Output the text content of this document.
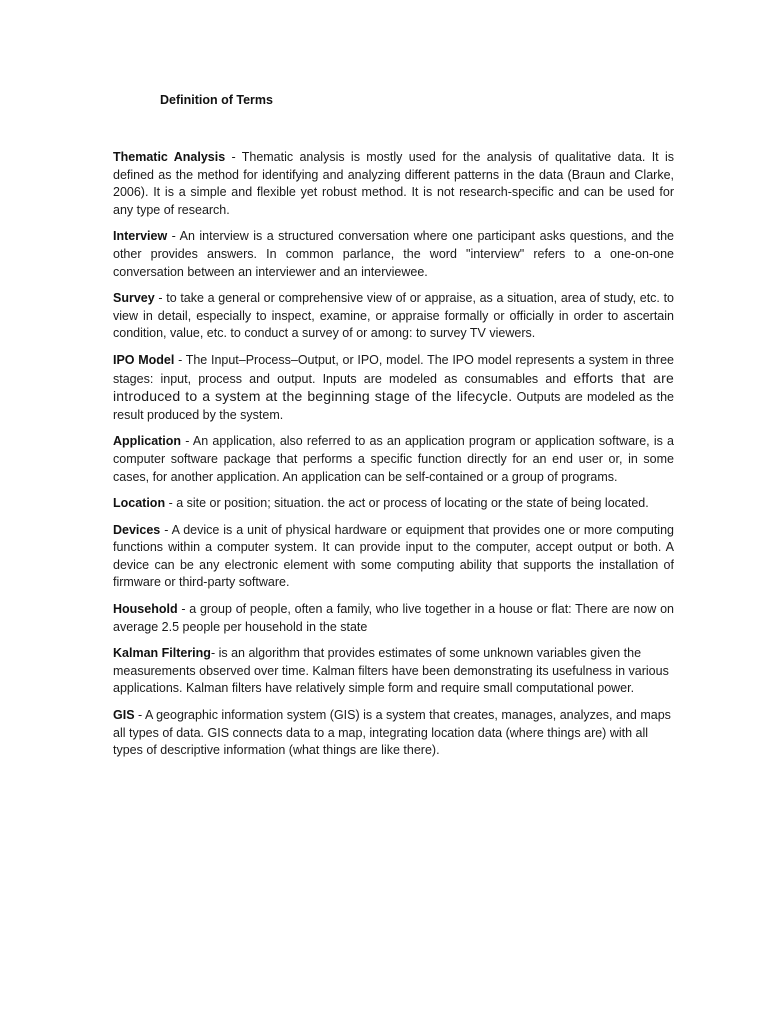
Definition of Terms

Thematic Analysis - Thematic analysis is mostly used for the analysis of qualitative data. It is defined as the method for identifying and analyzing different patterns in the data (Braun and Clarke, 2006). It is a simple and flexible yet robust method. It is not research-specific and can be used for any type of research.

Interview - An interview is a structured conversation where one participant asks questions, and the other provides answers. In common parlance, the word "interview" refers to a one-on-one conversation between an interviewer and an interviewee.

Survey - to take a general or comprehensive view of or appraise, as a situation, area of study, etc. to view in detail, especially to inspect, examine, or appraise formally or officially in order to ascertain condition, value, etc. to conduct a survey of or among: to survey TV viewers.

IPO Model - The Input–Process–Output, or IPO, model. The IPO model represents a system in three stages: input, process and output. Inputs are modeled as consumables and efforts that are introduced to a system at the beginning stage of the lifecycle. Outputs are modeled as the result produced by the system.

Application - An application, also referred to as an application program or application software, is a computer software package that performs a specific function directly for an end user or, in some cases, for another application. An application can be self-contained or a group of programs.

Location - a site or position; situation. the act or process of locating or the state of being located.

Devices - A device is a unit of physical hardware or equipment that provides one or more computing functions within a computer system. It can provide input to the computer, accept output or both. A device can be any electronic element with some computing ability that supports the installation of firmware or third-party software.

Household - a group of people, often a family, who live together in a house or flat: There are now on average 2.5 people per household in the state

Kalman Filtering- is an algorithm that provides estimates of some unknown variables given the measurements observed over time. Kalman filters have been demonstrating its usefulness in various applications. Kalman filters have relatively simple form and require small computational power.

GIS - A geographic information system (GIS) is a system that creates, manages, analyzes, and maps all types of data. GIS connects data to a map, integrating location data (where things are) with all types of descriptive information (what things are like there).
